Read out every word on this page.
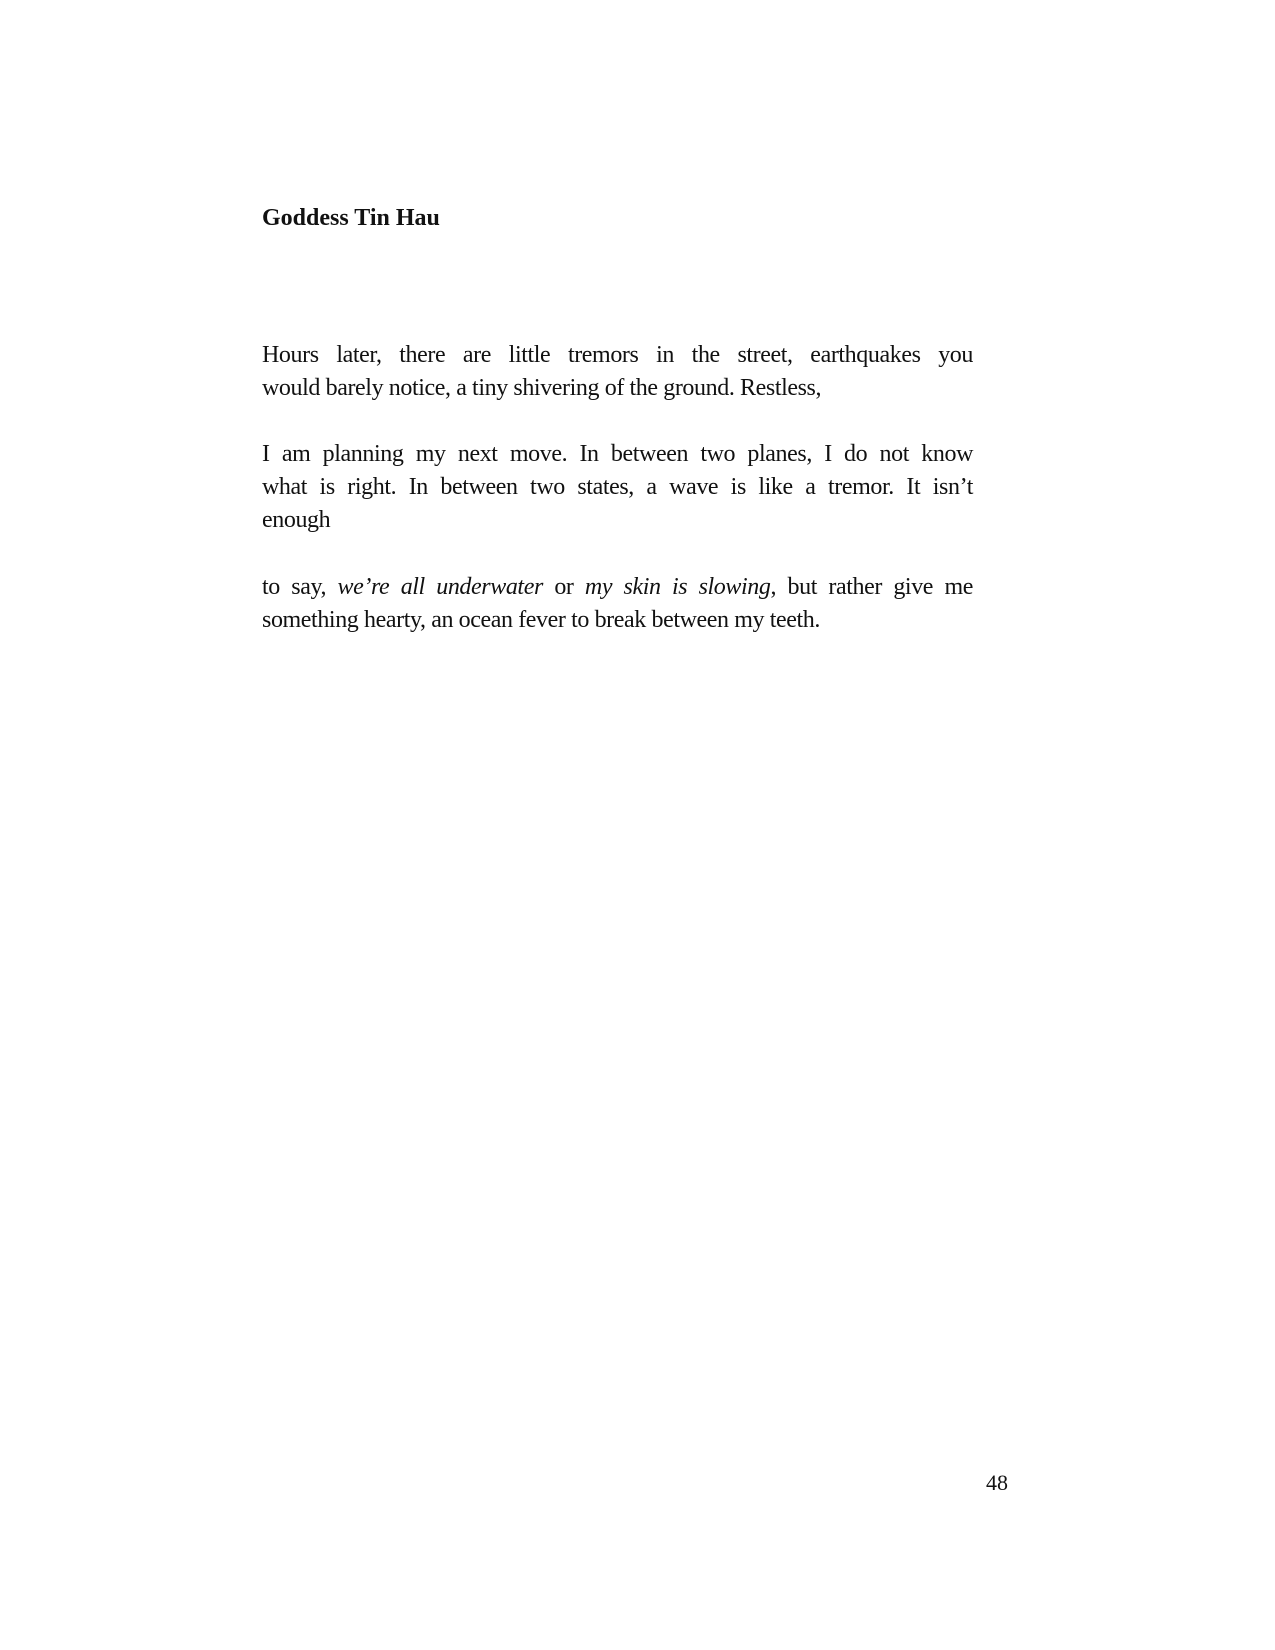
Goddess Tin Hau
Hours later, there are little tremors in the street, earthquakes you
would barely notice, a tiny shivering of the ground. Restless,
I am planning my next move. In between two planes, I do not know
what is right. In between two states, a wave is like a tremor. It isn’t
enough
to say, we’re all underwater or my skin is slowing, but rather give me
something hearty, an ocean fever to break between my teeth.
48
